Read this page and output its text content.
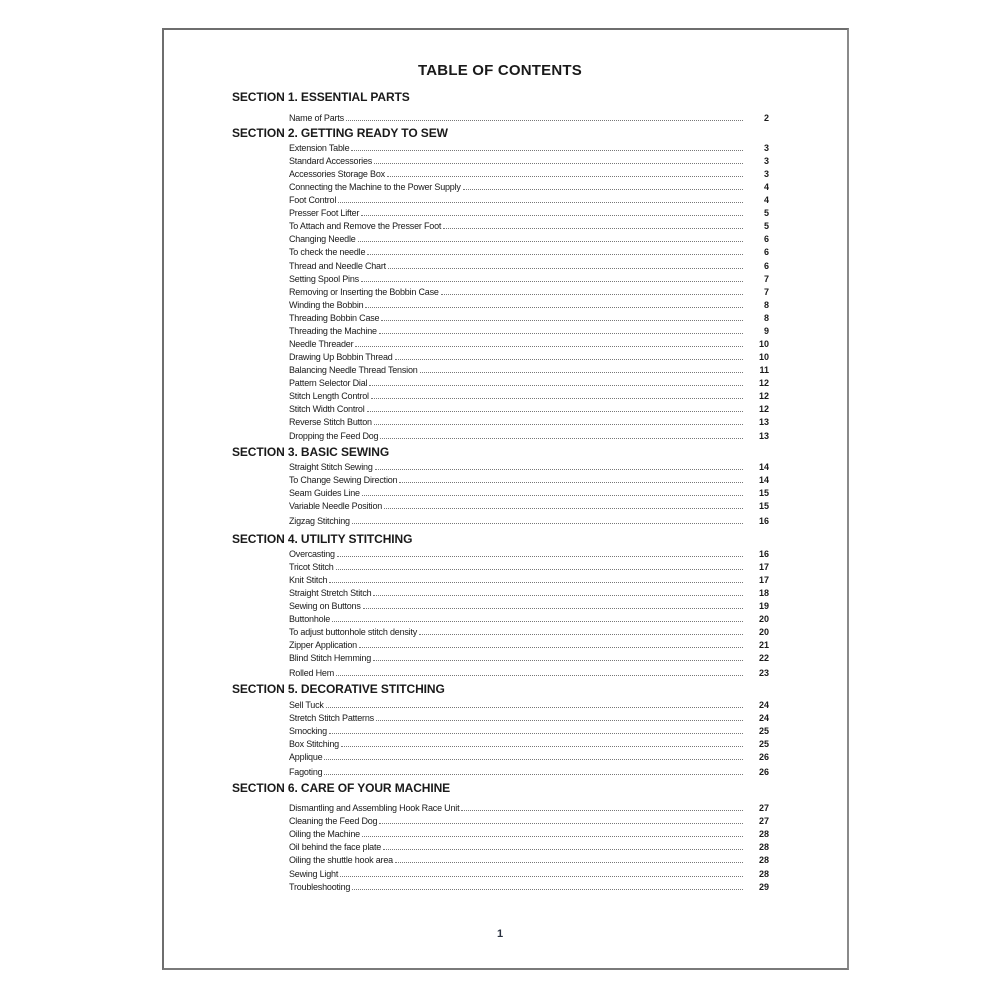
TABLE OF CONTENTS
SECTION 1. ESSENTIAL PARTS
Name of Parts	2
SECTION 2. GETTING READY TO SEW
Extension Table	3
Standard Accessories	3
Accessories Storage Box	3
Connecting the Machine to the Power Supply	4
Foot Control	4
Presser Foot Lifter	5
To Attach and Remove the Presser Foot	5
Changing Needle	6
To check the needle	6
Thread and Needle Chart	6
Setting Spool Pins	7
Removing or Inserting the Bobbin Case	7
Winding the Bobbin	8
Threading Bobbin Case	8
Threading the Machine	9
Needle Threader	10
Drawing Up Bobbin Thread	10
Balancing Needle Thread Tension	11
Pattern Selector Dial	12
Stitch Length Control	12
Stitch Width Control	12
Reverse Stitch Button	13
Dropping the Feed Dog	13
SECTION 3. BASIC SEWING
Straight Stitch Sewing	14
To Change Sewing Direction	14
Seam Guides Line	15
Variable Needle Position	15
Zigzag Stitching	16
SECTION 4. UTILITY STITCHING
Overcasting	16
Tricot Stitch	17
Knit Stitch	17
Straight Stretch Stitch	18
Sewing on Buttons	19
Buttonhole	20
To adjust buttonhole stitch density	20
Zipper Application	21
Blind Stitch Hemming	22
Rolled Hem	23
SECTION 5. DECORATIVE STITCHING
Sell Tuck	24
Stretch Stitch Patterns	24
Smocking	25
Box Stitching	25
Applique	26
Fagoting	26
SECTION 6. CARE OF YOUR MACHINE
Dismantling and Assembling Hook Race Unit	27
Cleaning the Feed Dog	27
Oiling the Machine	28
Oil behind the face plate	28
Oiling the shuttle hook area	28
Sewing Light	28
Troubleshooting	29
1
